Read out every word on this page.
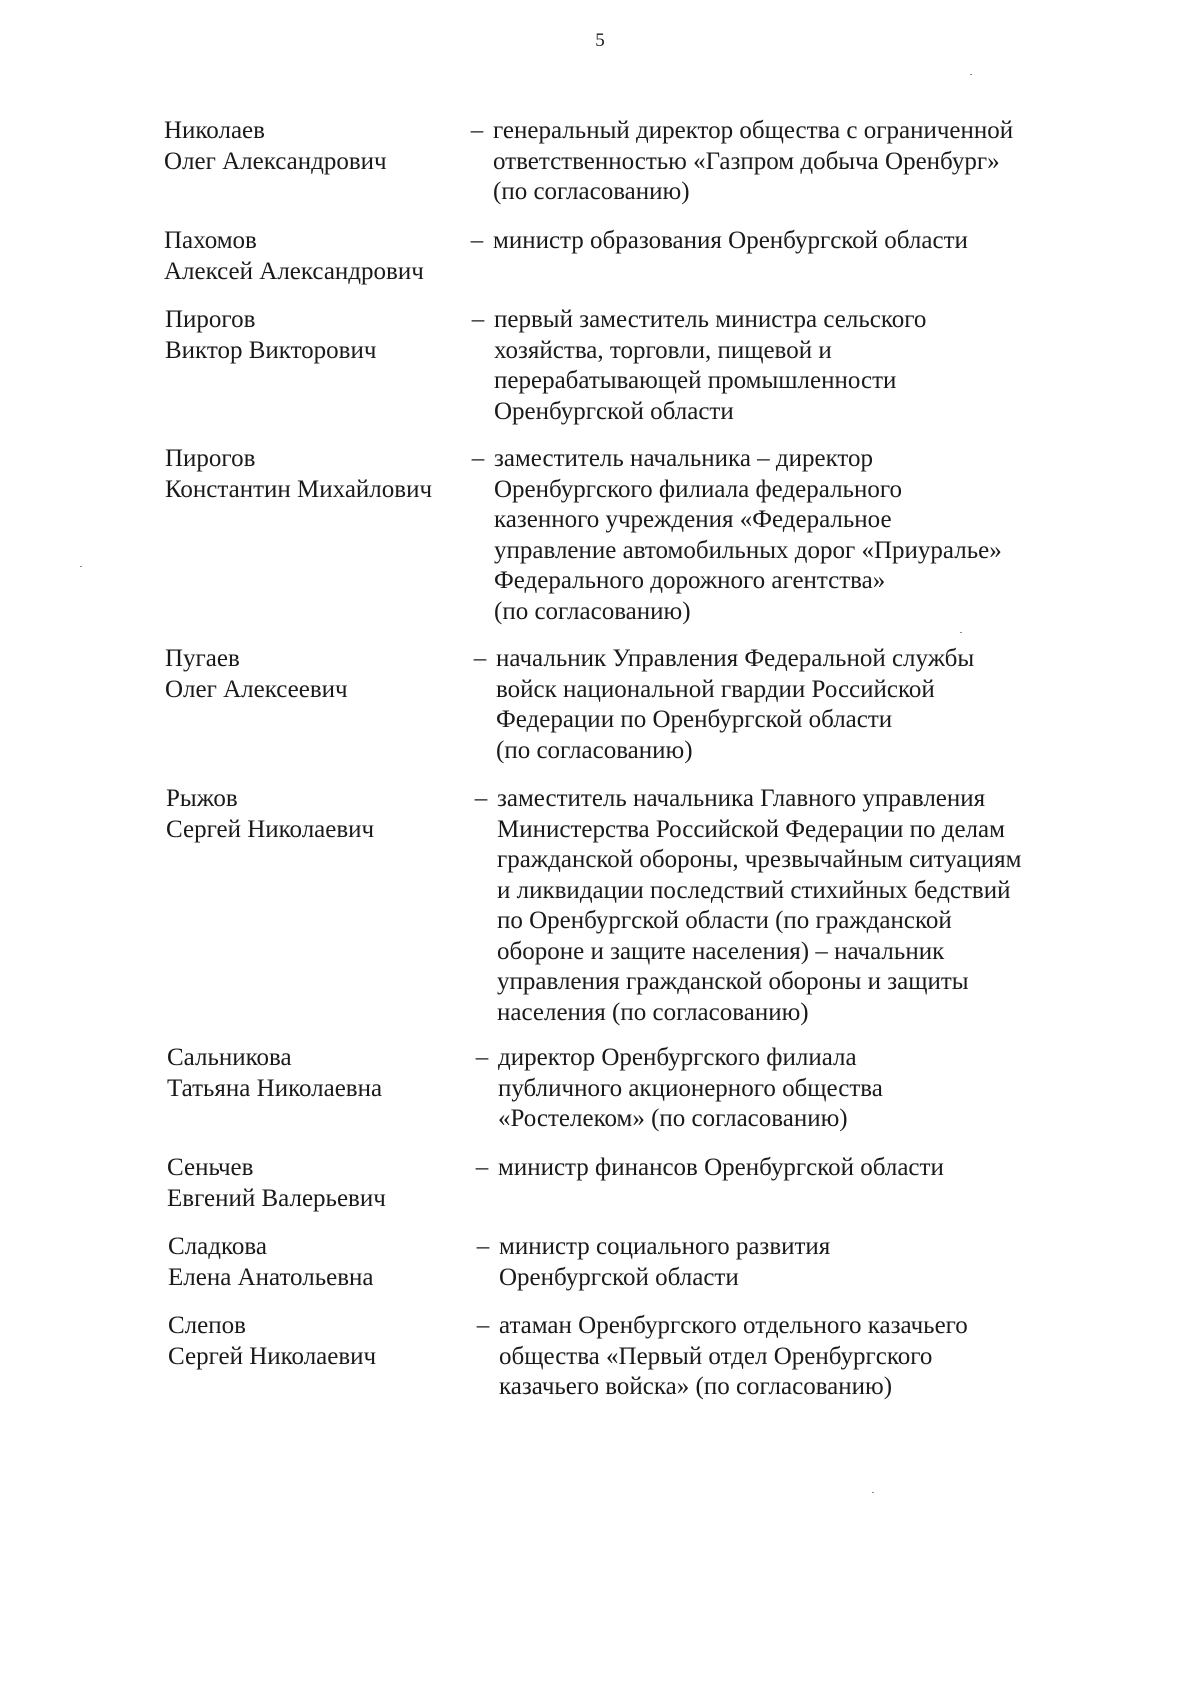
5
Николаев
Олег Александрович
– генеральный директор общества с ограниченной
ответственностью «Газпром добыча Оренбург»
(по согласованию)
Пахомов
Алексей Александрович
– министр образования Оренбургской области
Пирогов
Виктор Викторович
– первый заместитель министра сельского
хозяйства, торговли, пищевой и
перерабатывающей промышленности
Оренбургской области
Пирогов
Константин Михайлович
– заместитель начальника – директор
Оренбургского филиала федерального
казенного учреждения «Федеральное
управление автомобильных дорог «Приуралье»
Федерального дорожного агентства»
(по согласованию)
Пугаев
Олег Алексеевич
– начальник Управления Федеральной службы
войск национальной гвардии Российской
Федерации по Оренбургской области
(по согласованию)
Рыжов
Сергей Николаевич
– заместитель начальника Главного управления
Министерства Российской Федерации по делам
гражданской обороны, чрезвычайным ситуациям
и ликвидации последствий стихийных бедствий
по Оренбургской области (по гражданской
обороне и защите населения) – начальник
управления гражданской обороны и защиты
населения (по согласованию)
Сальникова
Татьяна Николаевна
– директор Оренбургского филиала
публичного акционерного общества
«Ростелеком» (по согласованию)
Сеньчев
Евгений Валерьевич
– министр финансов Оренбургской области
Сладкова
Елена Анатольевна
– министр социального развития
Оренбургской области
Слепов
Сергей Николаевич
– атаман Оренбургского отдельного казачьего
общества «Первый отдел Оренбургского
казачьего войска» (по согласованию)
